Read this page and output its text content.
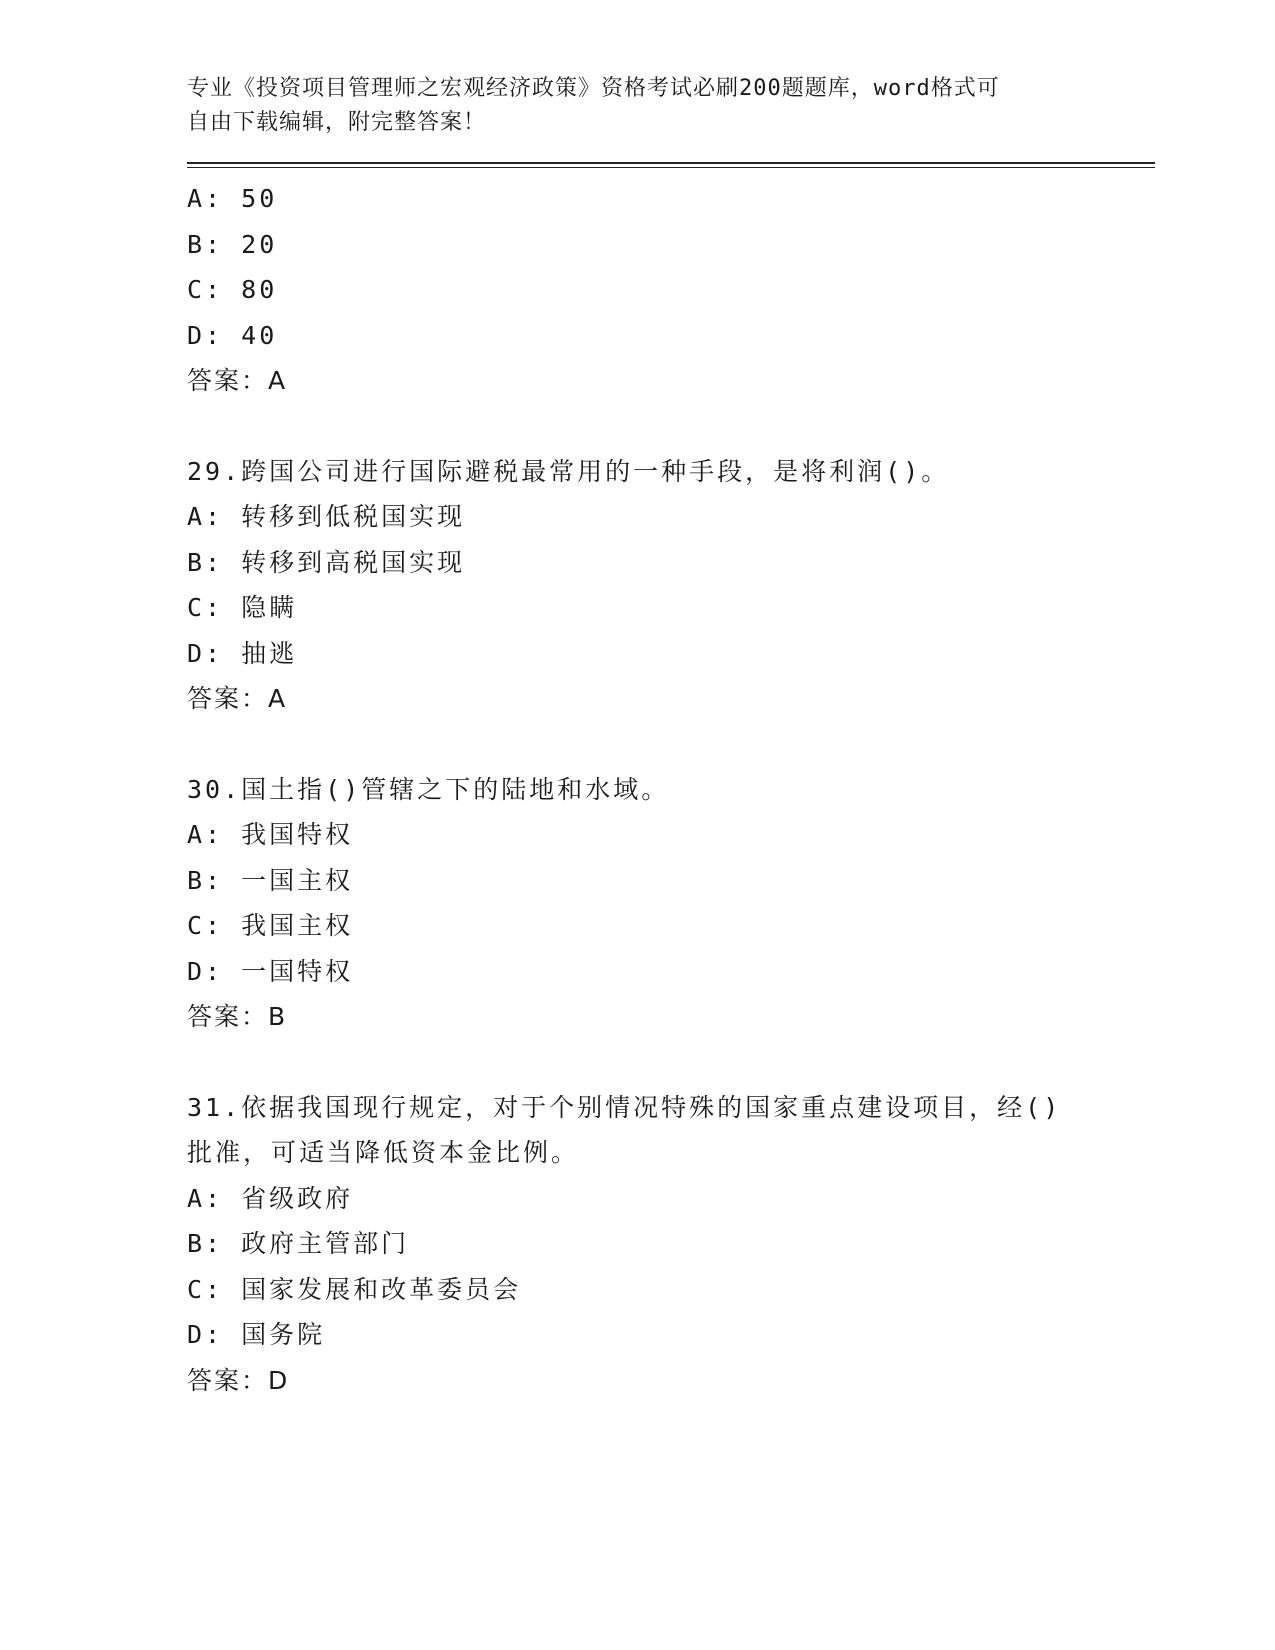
专业《投资项目管理师之宏观经济政策》资格考试必刷200题题库，word格式可
自由下载编辑，附完整答案！
A: 50
B: 20
C: 80
D: 40
答案：A
29.跨国公司进行国际避税最常用的一种手段，是将利润()。
A: 转移到低税国实现
B: 转移到高税国实现
C: 隐瞒
D: 抽逃
答案：A
30.国土指()管辖之下的陆地和水域。
A: 我国特权
B: 一国主权
C: 我国主权
D: 一国特权
答案：B
31.依据我国现行规定，对于个别情况特殊的国家重点建设项目，经()批准，可适当降低资本金比例。
A: 省级政府
B: 政府主管部门
C: 国家发展和改革委员会
D: 国务院
答案：D
